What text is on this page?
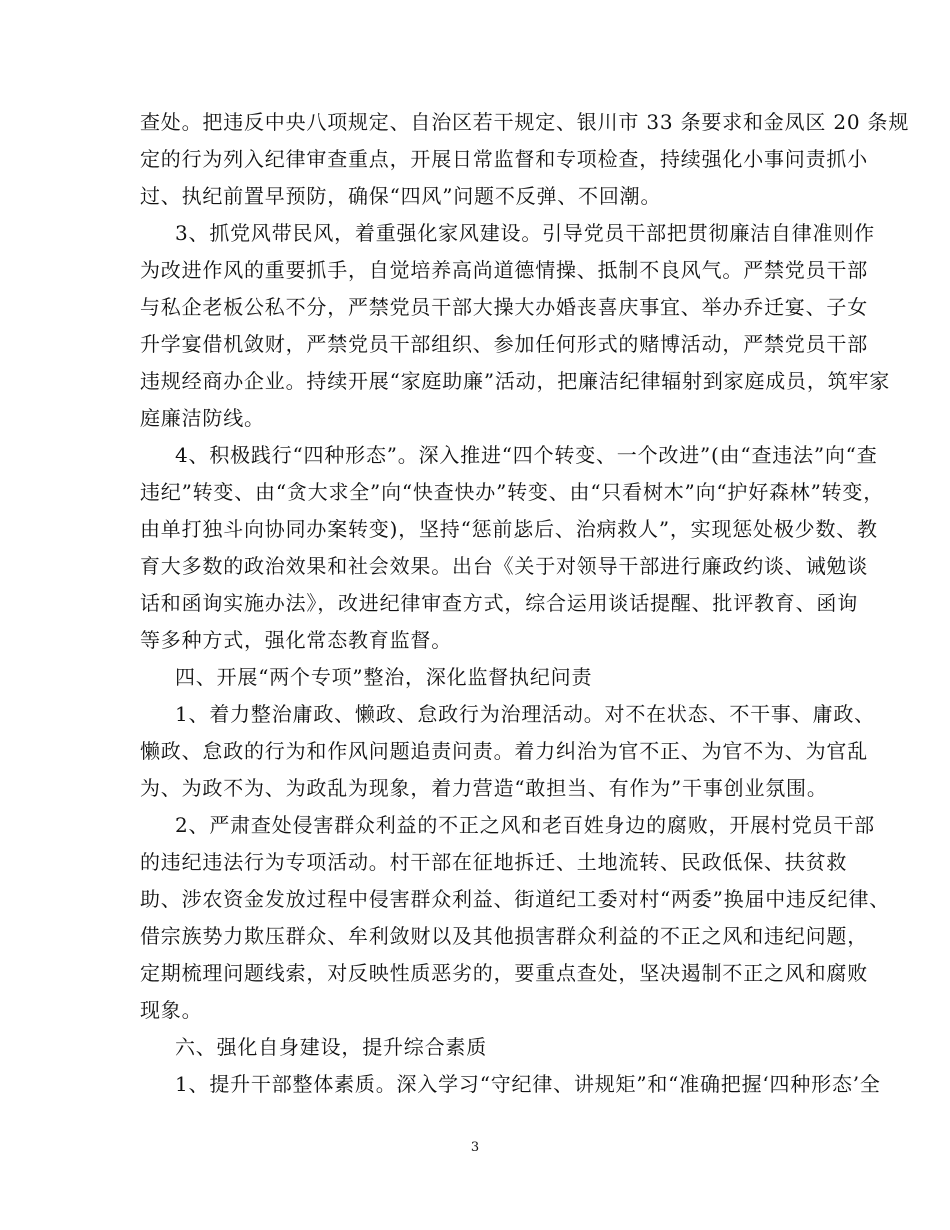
查处。把违反中央八项规定、自治区若干规定、银川市 33 条要求和金凤区 20 条规
定的行为列入纪律审查重点，开展日常监督和专项检查，持续强化小事问责抓小
过、执纪前置早预防，确保“四风”问题不反弹、不回潮。
3、抓党风带民风，着重强化家风建设。引导党员干部把贯彻廉洁自律准则作
为改进作风的重要抓手，自觉培养高尚道德情操、抵制不良风气。严禁党员干部
与私企老板公私不分，严禁党员干部大操大办婚丧喜庆事宜、举办乔迁宴、子女
升学宴借机敛财，严禁党员干部组织、参加任何形式的赌博活动，严禁党员干部
违规经商办企业。持续开展“家庭助廉”活动，把廉洁纪律辐射到家庭成员，筑牢家
庭廉洁防线。
4、积极践行“四种形态”。深入推进“四个转变、一个改进”(由“查违法”向“查
违纪”转变、由“贪大求全”向“快查快办”转变、由“只看树木”向“护好森林”转变，
由单打独斗向协同办案转变)，坚持“惩前毖后、治病救人”，实现惩处极少数、教
育大多数的政治效果和社会效果。出台《关于对领导干部进行廉政约谈、诫勉谈
话和函询实施办法》，改进纪律审查方式，综合运用谈话提醒、批评教育、函询
等多种方式，强化常态教育监督。
四、开展“两个专项”整治，深化监督执纪问责
1、着力整治庸政、懒政、怠政行为治理活动。对不在状态、不干事、庸政、
懒政、怠政的行为和作风问题追责问责。着力纠治为官不正、为官不为、为官乱
为、为政不为、为政乱为现象，着力营造“敢担当、有作为”干事创业氛围。
2、严肃查处侵害群众利益的不正之风和老百姓身边的腐败，开展村党员干部
的违纪违法行为专项活动。村干部在征地拆迁、土地流转、民政低保、扶贫救
助、涉农资金发放过程中侵害群众利益、街道纪工委对村“两委”换届中违反纪律、
借宗族势力欺压群众、牟利敛财以及其他损害群众利益的不正之风和违纪问题，
定期梳理问题线索，对反映性质恶劣的，要重点查处，坚决遏制不正之风和腐败
现象。
六、强化自身建设，提升综合素质
1、提升干部整体素质。深入学习“守纪律、讲规矩”和“准确把握‘四种形态’全
3
